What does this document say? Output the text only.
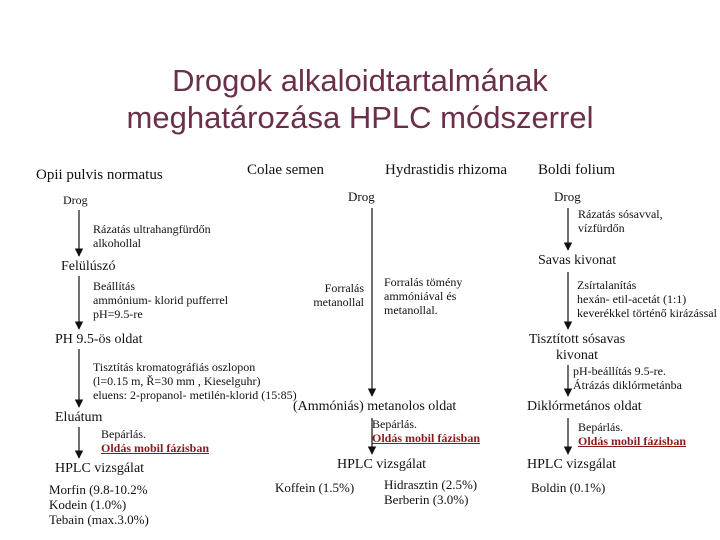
Drogok alkaloidtartalmának
meghatározása HPLC módszerrel
Opii pulvis normatus	Colae semen	Hydrastidis rhizoma Boldi folium
Drog
Rázatás ultrahangfürdőn
alkohollal
Felülúszó
Beállítás
ammónium- klorid pufferrel
pH=9.5-re
PH 9.5-ös oldat
Tisztítás kromatográfiás oszlopon
(l=0.15 m, Ř=30 mm , Kieselguhr)
eluens: 2-propanol- metilén-klorid (15:85)
Eluátum
Bepárlás.
Oldás mobil fázisban
HPLC vizsgálat
Morfin (9.8-10.2%
Kodein (1.0%)
Tebain (max.3.0%)
Drog
Forralás
metanollal
Forralás tömény
ammóniával és
metanollal.
(Ammóniás) metanolos oldat
Bepárlás.
Oldás mobil fázisban
HPLC vizsgálat
Koffein (1.5%) Hidrasztin (2.5%)
Berberin (3.0%)
Drog
Rázatás sósavval,
vízfürdőn
Savas kivonat
Zsírtalanítás
hexán- etil-acetát (1:1)
keverékkel történő kirázással
Tisztított sósavas
kivonat
pH-beállítás 9.5-re.
Átrázás diklórmetánba
Diklórmetános oldat
Bepárlás.
Oldás mobil fázisban
HPLC vizsgálat
Boldin (0.1%)
